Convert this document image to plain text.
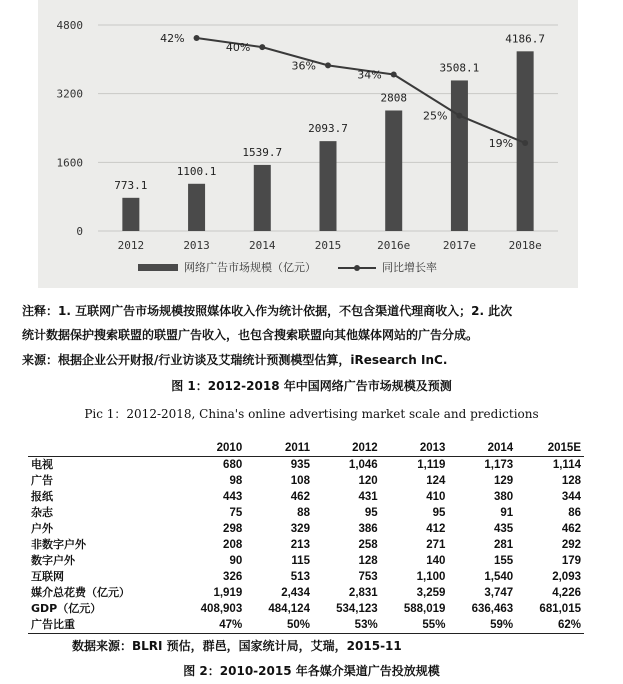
0
1600
3200
4800
2012	2013	2014	2015	2016e	2017e	2018e
773.1
1100.1
1539.7
2093.7
2808
3508.1
4186.7
42%
40%
36%
34%
25%
19%
网络广告市场规模（亿元）	同比增长率
注释：1. 互联网广告市场规模按照媒体收入作为统计依据，不包含渠道代理商收入；2. 此次
统计数据保护搜索联盟的联盟广告收入，也包含搜索联盟向其他媒体网站的广告分成。
来源：根据企业公开财报/行业访谈及艾瑞统计预测模型估算，iResearch InC.
图 1：2012-2018 年中国网络广告市场规模及预测
Pic 1：2012-2018, China's online advertising market scale and predictions
	2010	2011	2012	2013	2014	2015E
电视	680	935	1,046	1,119	1,173	1,114
广告	98	108	120	124	129	128
报纸	443	462	431	410	380	344
杂志	75	88	95	95	91	86
户外	298	329	386	412	435	462
非数字户外	208	213	258	271	281	292
数字户外	90	115	128	140	155	179
互联网	326	513	753	1,100	1,540	2,093
媒介总花费（亿元）	1,919	2,434	2,831	3,259	3,747	4,226
GDP（亿元）	408,903	484,124	534,123	588,019	636,463	681,015
广告比重	47%	50%	53%	55%	59%	62%
数据来源：BLRI 预估，群邑，国家统计局，艾瑞，2015-11
图 2：2010-2015 年各媒介渠道广告投放规模
